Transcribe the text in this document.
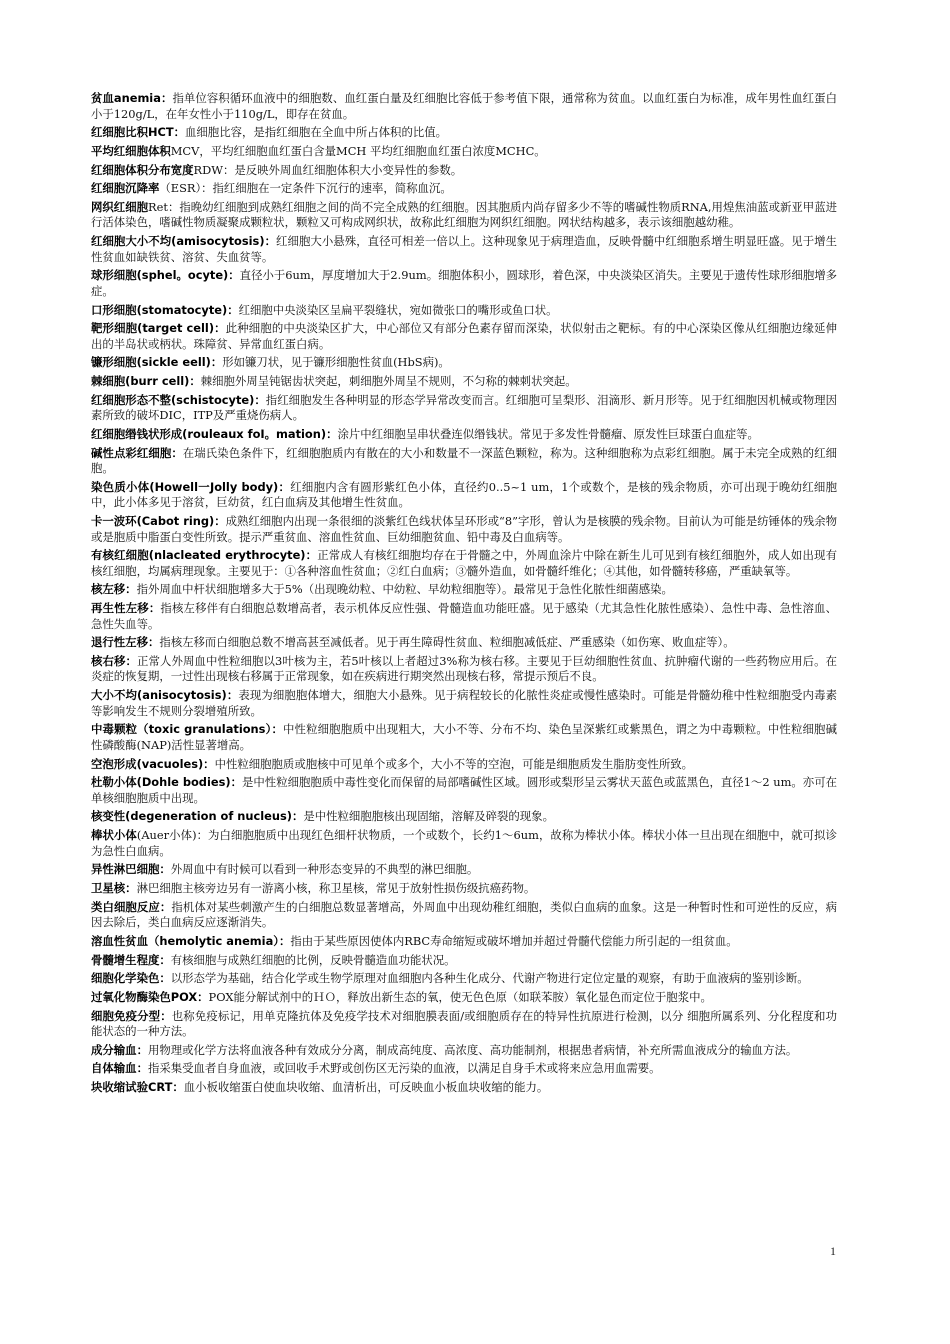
贫血anemia：指单位容积循环血液中的细胞数、血红蛋白量及红细胞比容低于参考值下限，通常称为贫血。以血红蛋白为标准，成年男性血红蛋白小于120g/L，在年女性小于110g/L，即存在贫血。

红细胞比积HCT：血细胞比容，是指红细胞在全血中所占体积的比值。

平均红细胞体积MCV，平均红细胞血红蛋白含量MCH 平均红细胞血红蛋白浓度MCHC。

红细胞体积分布宽度RDW：是反映外周血红细胞体积大小变异性的参数。

红细胞沉降率（ESR）：指红细胞在一定条件下沉行的速率，简称血沉。

网织红细胞Ret：指晚幼红细胞到成熟红细胞之间的尚不完全成熟的红细胞。因其胞质内尚存留多少不等的嗜碱性物质RNA,用煌焦油蓝或新亚甲蓝进行活体染色，嗜碱性物质凝聚成颗粒状，颗粒又可构成网织状，故称此红细胞为网织红细胞。网状结构越多，表示该细胞越幼稚。

红细胞大小不均(amisocytosis)：红细胞大小悬殊，直径可相差一倍以上。这种现象见于病理造血，反映骨髓中红细胞系增生明显旺盛。见于增生性贫血如缺铁贫、溶贫、失血贫等。

球形细胞(sphel。ocyte)：直径小于6um，厚度增加大于2.9um。细胞体积小，圆球形，着色深，中央淡染区消失。主要见于遗传性球形细胞增多症。

口形细胞(stomatocyte)：红细胞中央淡染区呈扁平裂缝状，宛如微张口的嘴形或鱼口状。

靶形细胞(target cell)：此种细胞的中央淡染区扩大，中心部位又有部分色素存留而深染，状似射击之靶标。有的中心深染区像从红细胞边缘延伸出的半岛状或柄状。珠障贫、异常血红蛋白病。

镰形细胞(sickle eell)：形如镰刀状，见于镰形细胞性贫血(HbS病)。

棘细胞(burr cell)：棘细胞外周呈钝锯齿状突起，刺细胞外周呈不规则，不匀称的棘刺状突起。

红细胞形态不整(schistocyte)：指红细胞发生各种明显的形态学异常改变而言。红细胞可呈梨形、泪滴形、新月形等。见于红细胞因机械或物理因素所致的破坏DIC，ITP及严重烧伤病人。

红细胞缗钱状形成(rouleaux foI。mation)：涂片中红细胞呈串状叠连似缗钱状。常见于多发性骨髓瘤、原发性巨球蛋白血症等。

碱性点彩红细胞：在瑞氏染色条件下，红细胞胞质内有散在的大小和数量不一深蓝色颗粒，称为。这种细胞称为点彩红细胞。属于未完全成熟的红细胞。

染色质小体(Howell一Jolly body)：红细胞内含有圆形紫红色小体，直径约0..5~1 um，1个或数个，是核的残余物质，亦可出现于晚幼红细胞中，此小体多见于溶贫，巨幼贫，红白血病及其他增生性贫血。

卡一波环(Cabot ring)：成熟红细胞内出现一条很细的淡紫红色线状体呈环形或“8”字形，曾认为是核膜的残余物。目前认为可能是纺锤体的残余物或是胞质中脂蛋白变性所致。提示严重贫血、溶血性贫血、巨幼细胞贫血、铅中毒及白血病等。

有核红细胞(nlacleated erythrocyte)：正常成人有核红细胞均存在于骨髓之中，外周血涂片中除在新生儿可见到有核红细胞外，成人如出现有核红细胞，均属病理现象。主要见于：①各种溶血性贫血；②红白血病；③髓外造血，如骨髓纤维化；④其他，如骨髓转移癌，严重缺氧等。

核左移：指外周血中杆状细胞增多大于5%（出现晚幼粒、中幼粒、早幼粒细胞等）。最常见于急性化脓性细菌感染。

再生性左移：指核左移伴有白细胞总数增高者，表示机体反应性强、骨髓造血功能旺盛。见于感染（尤其急性化脓性感染）、急性中毒、急性溶血、急性失血等。

退行性左移：指核左移而白细胞总数不增高甚至减低者。见于再生障碍性贫血、粒细胞减低症、严重感染（如伤寒、败血症等）。

核右移：正常人外周血中性粒细胞以3叶核为主，若5叶核以上者超过3%称为核右移。主要见于巨幼细胞性贫血、抗肿瘤代谢的一些药物应用后。在炎症的恢复期，一过性出现核右移属于正常现象，如在疾病进行期突然出现核右移，常提示预后不良。

大小不均(anisocytosis)：表现为细胞胞体增大，细胞大小悬殊。见于病程较长的化脓性炎症或慢性感染时。可能是骨髓幼稚中性粒细胞受内毒素等影响发生不规则分裂增殖所致。

中毒颗粒（toxic granulations）：中性粒细胞胞质中出现粗大，大小不等、分布不均、染色呈深紫红或紫黑色，谓之为中毒颗粒。中性粒细胞碱性磷酸酶(NAP)活性显著增高。

空泡形成(vacuoles)：中性粒细胞胞质或胞核中可见单个或多个，大小不等的空泡，可能是细胞质发生脂肪变性所致。

杜勒小体(Dohle bodies)：是中性粒细胞胞质中毒性变化而保留的局部嗜碱性区域。圆形或梨形呈云雾状天蓝色或蓝黑色，直径1～2 um。亦可在单核细胞胞质中出现。

核变性(degeneration of nucleus)：是中性粒细胞胞核出现固缩，溶解及碎裂的现象。

棒状小体(Auer小体)：为白细胞胞质中出现红色细杆状物质，一个或数个，长约1～6um，故称为棒状小体。棒状小体一旦出现在细胞中，就可拟诊为急性白血病。

异性淋巴细胞：外周血中有时候可以看到一种形态变异的不典型的淋巴细胞。

卫星核：淋巴细胞主核旁边另有一游离小核，称卫星核，常见于放射性损伤级抗癌药物。

类白细胞反应：指机体对某些刺激产生的白细胞总数显著增高，外周血中出现幼稚红细胞，类似白血病的血象。这是一种暂时性和可逆性的反应，病因去除后，类白血病反应逐渐消失。

溶血性贫血（hemolytic anemia）：指由于某些原因使体内RBC寿命缩短或破坏增加并超过骨髓代偿能力所引起的一组贫血。

骨髓增生程度：有核细胞与成熟红细胞的比例，反映骨髓造血功能状况。

细胞化学染色：以形态学为基础，结合化学或生物学原理对血细胞内各种生化成分、代谢产物进行定位定量的观察，有助于血液病的鉴别诊断。

过氧化物酶染色POX：POX能分解试剂中的ＨＯ，释放出新生态的氧，使无色色原（如联苯胺）氧化显色而定位于胞浆中。

细胞免疫分型：也称免疫标记，用单克隆抗体及免疫学技术对细胞膜表面/或细胞质存在的特异性抗原进行检测，以分 细胞所属系列、分化程度和功能状态的一种方法。

成分输血：用物理或化学方法将血液各种有效成分分离，制成高纯度、高浓度、高功能制剂，根据患者病情，补充所需血液成分的输血方法。

自体输血：指采集受血者自身血液，或回收手术野或创伤区无污染的血液，以满足自身手术或将来应急用血需要。

块收缩试验CRT：血小板收缩蛋白使血块收缩、血清析出，可反映血小板血块收缩的能力。

1
